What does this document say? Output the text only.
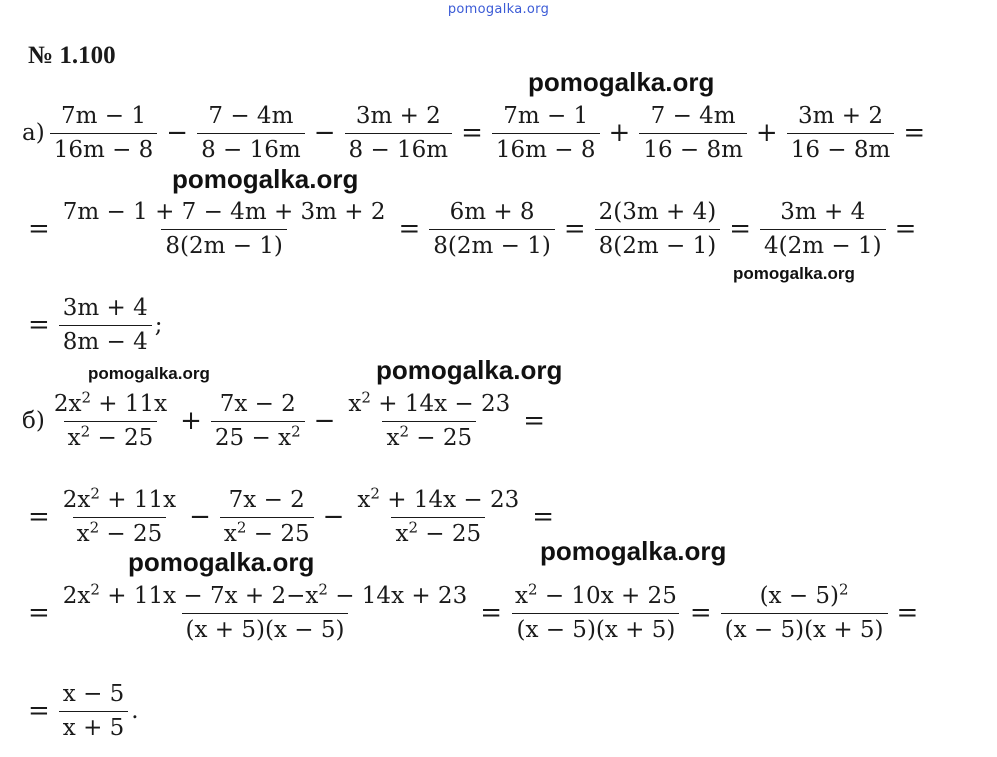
pomogalka.org
pomogalka.org
pomogalka.org
pomogalka.org
pomogalka.org	pomogalka.org
pomogalka.org	pomogalka.org
№ 1.100
$а) \frac{7m - 1}{16m - 8} - \frac{7 - 4m}{8 - 16m} - \frac{3m + 2}{8 - 16m} = \frac{7m - 1}{16m - 8} + \frac{7 - 4m}{16 - 8m} + \frac{3m + 2}{16 - 8m}$ =
= $\frac{7m - 1 + 7 - 4m + 3m + 2}{8(2m - 1)} = \frac{6m + 8}{8(2m - 1)} = \frac{2(3m + 4)}{8(2m - 1)} = \frac{3m + 4}{4(2m - 1)}$ =
= $\frac{3m + 4}{8m - 4}$ ;
$б) \frac{2x^2 + 11x}{x^2 - 25} + \frac{7x - 2}{25 - x^2} - \frac{x^2 + 14x - 23}{x^2 - 25}$ =
= $\frac{2x^2 + 11x}{x^2 - 25} - \frac{7x - 2}{x^2 - 25} - \frac{x^2 + 14x - 23}{x^2 - 25}$ =
= $\frac{2x^2 + 11x - 7x + 2-x^2 - 14x + 23}{(x + 5)(x - 5)} = \frac{x^2 - 10x + 25}{(x - 5)(x + 5)} = \frac{(x - 5)^2}{(x - 5)(x + 5)}$ =
= $\frac{x - 5}{x + 5}$ .
